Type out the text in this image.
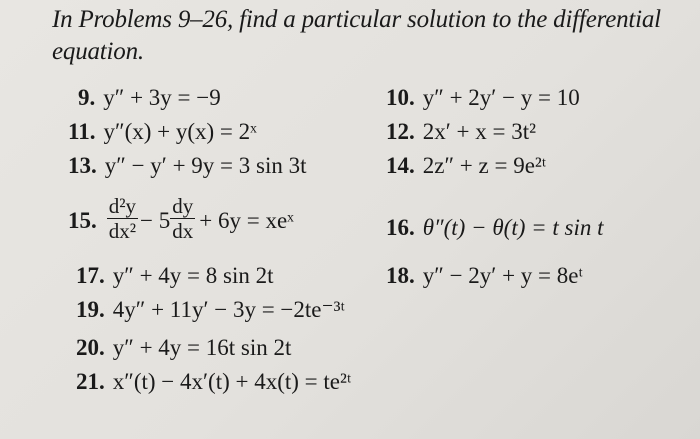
In Problems 9–26, find a particular solution to the differential equation.
9. y″ + 3y = −9
11. y″(x) + y(x) = 2ˣ
13. y″ − y′ + 9y = 3 sin 3t
15. $\frac{\text{d²y}}{\text{dx²}} - 5 \frac{dy}{dx} + 6y$ = xeˣ
17. y″ + 4y = 8 sin 2t
19. 4y″ + 11y′ − 3y = −2te⁻³ᵗ
20. y″ + 4y = 16t sin 2t
21. x″(t) − 4x′(t) + 4x(t) = te²ᵗ
10. y″ + 2y′ − y = 10
12. 2x′ + x = 3t²
14. 2z″ + z = 9e²ᵗ
16. θ″(t) − θ(t) = t sin t
18. y″ − 2y′ + y = 8eᵗ
